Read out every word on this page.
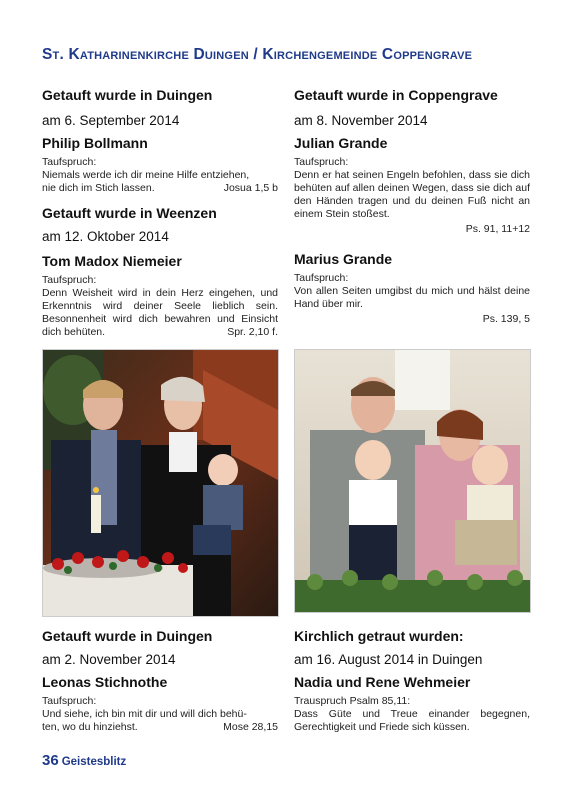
St. Katharinenkirche Duingen / Kirchengemeinde Coppengrave
Getauft wurde in Duingen
am 6. September 2014
Philip Bollmann
Taufspruch:
Niemals werde ich dir meine Hilfe entziehen,
Josua 1,5 b
nie dich im Stich lassen.
Getauft wurde in Weenzen
am 12. Oktober 2014
Tom Madox Niemeier
Taufspruch:
Denn Weisheit wird in dein Herz eingehen, und Erkenntnis wird deiner Seele lieblich sein. Besonnenheit wird dich bewahren und Einsicht dich behüten.	Spr. 2,10 f.
Getauft wurde in Coppengrave
am 8. November 2014
Julian Grande
Taufspruch:
Denn er hat seinen Engeln befohlen, dass sie dich behüten auf allen deinen Wegen, dass sie dich auf den Händen tragen und du deinen Fuß nicht an einem Stein stoßest.
Ps. 91, 11+12
Marius Grande
Taufspruch:
Von allen Seiten umgibst du mich und hälst deine Hand über mir.
Ps. 139, 5
Getauft wurde in Duingen
am 2. November 2014
Leonas Stichnothe
Taufspruch:
Und siehe, ich bin mit dir und will dich behü-
Mose 28,15
ten, wo du hinziehst.
Kirchlich getraut wurden:
am 16. August 2014 in Duingen
Nadia und Rene Wehmeier
Trauspruch Psalm 85,11:
Dass Güte und Treue einander begegnen, Gerechtigkeit und Friede sich küssen.
36 Geistesblitz
